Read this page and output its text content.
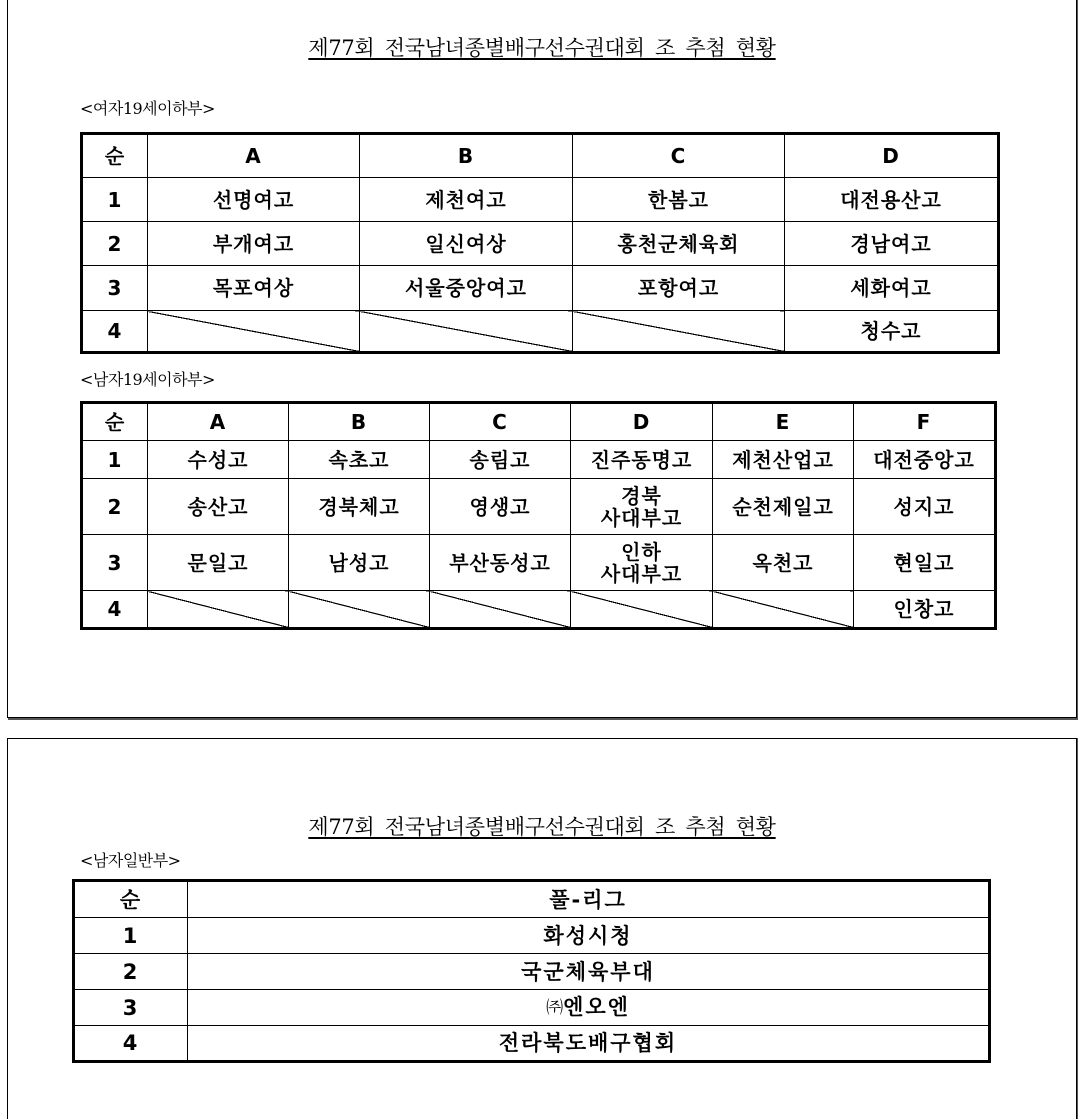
제77회 전국남녀종별배구선수권대회 조 추첨 현황
<여자19세이하부>
순	A	B	C	D
1	선명여고	제천여고	한봄고	대전용산고
2	부개여고	일신여상	홍천군체육회	경남여고
3	목포여상	서울중앙여고	포항여고	세화여고
4				청수고
<남자19세이하부>
순	A	B	C	D	E	F
1	수성고	속초고	송림고	진주동명고	제천산업고	대전중앙고
2	송산고	경북체고	영생고	경북
사대부고	순천제일고	성지고
3	문일고	남성고	부산동성고	인하
사대부고	옥천고	현일고
4						인창고
제77회 전국남녀종별배구선수권대회 조 추첨 현황
<남자일반부>
순	풀-리그
1	화성시청
2	국군체육부대
3	㈜엔오엔
4	전라북도배구협회
